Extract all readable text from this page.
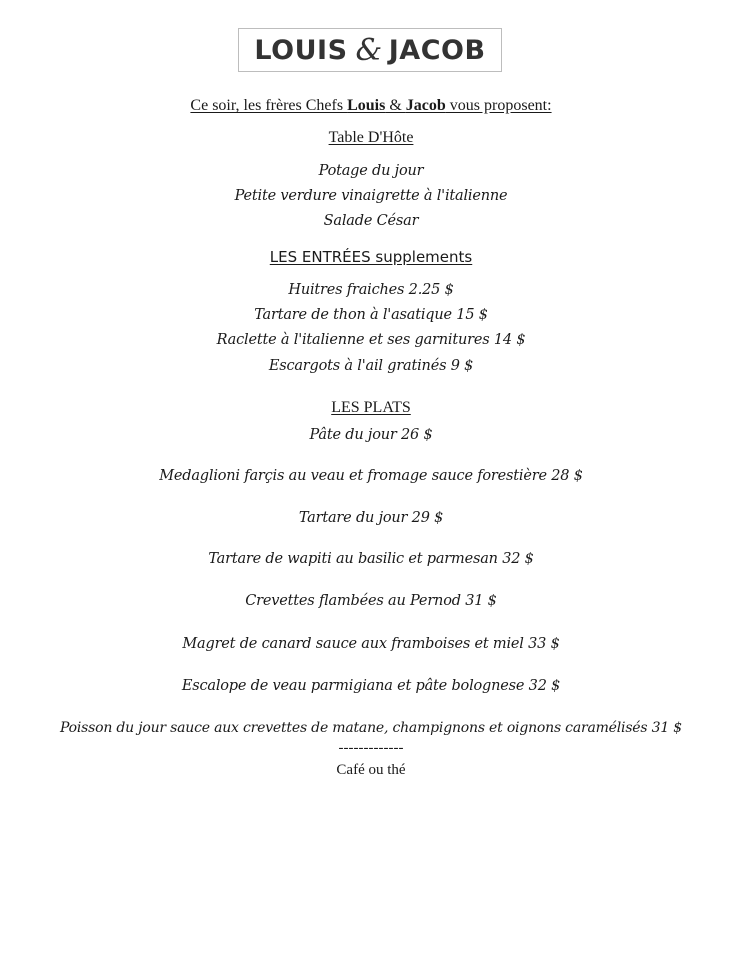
LOUIS & JACOB
Ce soir, les frères Chefs Louis & Jacob vous proposent:
Table D'Hôte
Potage du jour
Petite verdure vinaigrette à l'italienne
Salade César
LES ENTRÉES supplements
Huitres fraiches 2.25 $
Tartare de thon à l'asatique 15 $
Raclette à l'italienne et ses garnitures 14 $
Escargots à l'ail gratinés 9 $
LES PLATS
Pâte du jour 26 $
Medaglioni farçis au veau et fromage sauce forestière 28 $
Tartare du jour 29 $
Tartare de wapiti au basilic et parmesan 32 $
Crevettes flambées au Pernod 31 $
Magret de canard sauce aux framboises et miel 33 $
Escalope de veau parmigiana et pâte bolognese 32 $
Poisson du jour sauce aux crevettes de matane, champignons et oignons caramélisés 31 $
-------------
Café ou thé
